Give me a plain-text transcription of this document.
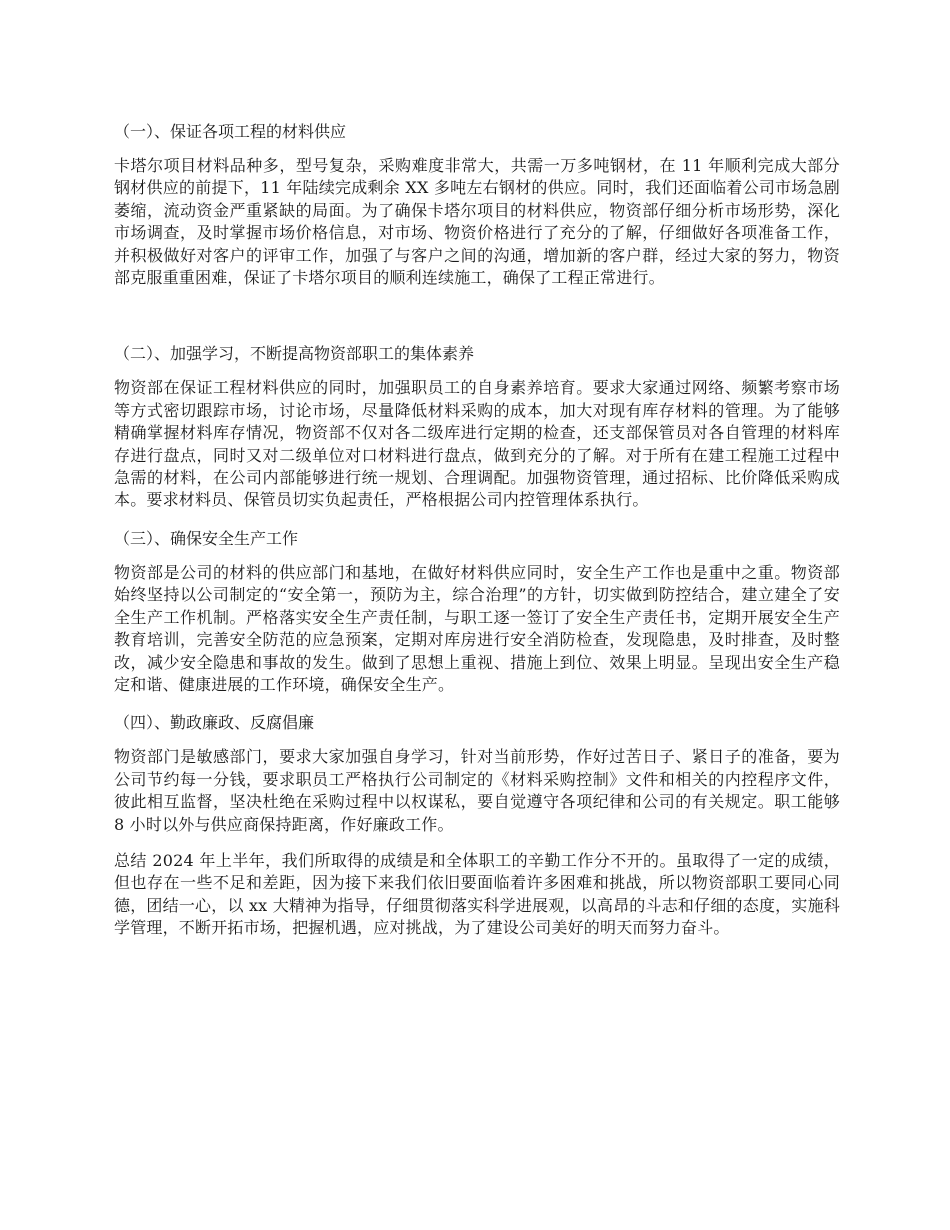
（一）、保证各项工程的材料供应

卡塔尔项目材料品种多，型号复杂，采购难度非常大，共需一万多吨钢材，在 11 年顺利完成大部分钢材供应的前提下，11 年陆续完成剩余 XX 多吨左右钢材的供应。同时，我们还面临着公司市场急剧萎缩，流动资金严重紧缺的局面。为了确保卡塔尔项目的材料供应，物资部仔细分析市场形势，深化市场调查，及时掌握市场价格信息，对市场、物资价格进行了充分的了解，仔细做好各项准备工作，并积极做好对客户的评审工作，加强了与客户之间的沟通，增加新的客户群，经过大家的努力，物资部克服重重困难，保证了卡塔尔项目的顺利连续施工，确保了工程正常进行。

（二）、加强学习，不断提高物资部职工的集体素养

物资部在保证工程材料供应的同时，加强职员工的自身素养培育。要求大家通过网络、频繁考察市场等方式密切跟踪市场，讨论市场，尽量降低材料采购的成本，加大对现有库存材料的管理。为了能够精确掌握材料库存情况，物资部不仅对各二级库进行定期的检查，还支部保管员对各自管理的材料库存进行盘点，同时又对二级单位对口材料进行盘点，做到充分的了解。对于所有在建工程施工过程中急需的材料，在公司内部能够进行统一规划、合理调配。加强物资管理，通过招标、比价降低采购成本。要求材料员、保管员切实负起责任，严格根据公司内控管理体系执行。

（三）、确保安全生产工作

物资部是公司的材料的供应部门和基地，在做好材料供应同时，安全生产工作也是重中之重。物资部始终坚持以公司制定的“安全第一，预防为主，综合治理”的方针，切实做到防控结合，建立建全了安全生产工作机制。严格落实安全生产责任制，与职工逐一签订了安全生产责任书，定期开展安全生产教育培训，完善安全防范的应急预案，定期对库房进行安全消防检查，发现隐患，及时排查，及时整改，减少安全隐患和事故的发生。做到了思想上重视、措施上到位、效果上明显。呈现出安全生产稳定和谐、健康进展的工作环境，确保安全生产。

（四）、勤政廉政、反腐倡廉

物资部门是敏感部门，要求大家加强自身学习，针对当前形势，作好过苦日子、紧日子的准备，要为公司节约每一分钱，要求职员工严格执行公司制定的《材料采购控制》文件和相关的内控程序文件，彼此相互监督，坚决杜绝在采购过程中以权谋私，要自觉遵守各项纪律和公司的有关规定。职工能够 8 小时以外与供应商保持距离，作好廉政工作。

总结 2024 年上半年，我们所取得的成绩是和全体职工的辛勤工作分不开的。虽取得了一定的成绩，但也存在一些不足和差距，因为接下来我们依旧要面临着许多困难和挑战，所以物资部职工要同心同德，团结一心，以 xx 大精神为指导，仔细贯彻落实科学进展观，以高昂的斗志和仔细的态度，实施科学管理，不断开拓市场，把握机遇，应对挑战，为了建设公司美好的明天而努力奋斗。
